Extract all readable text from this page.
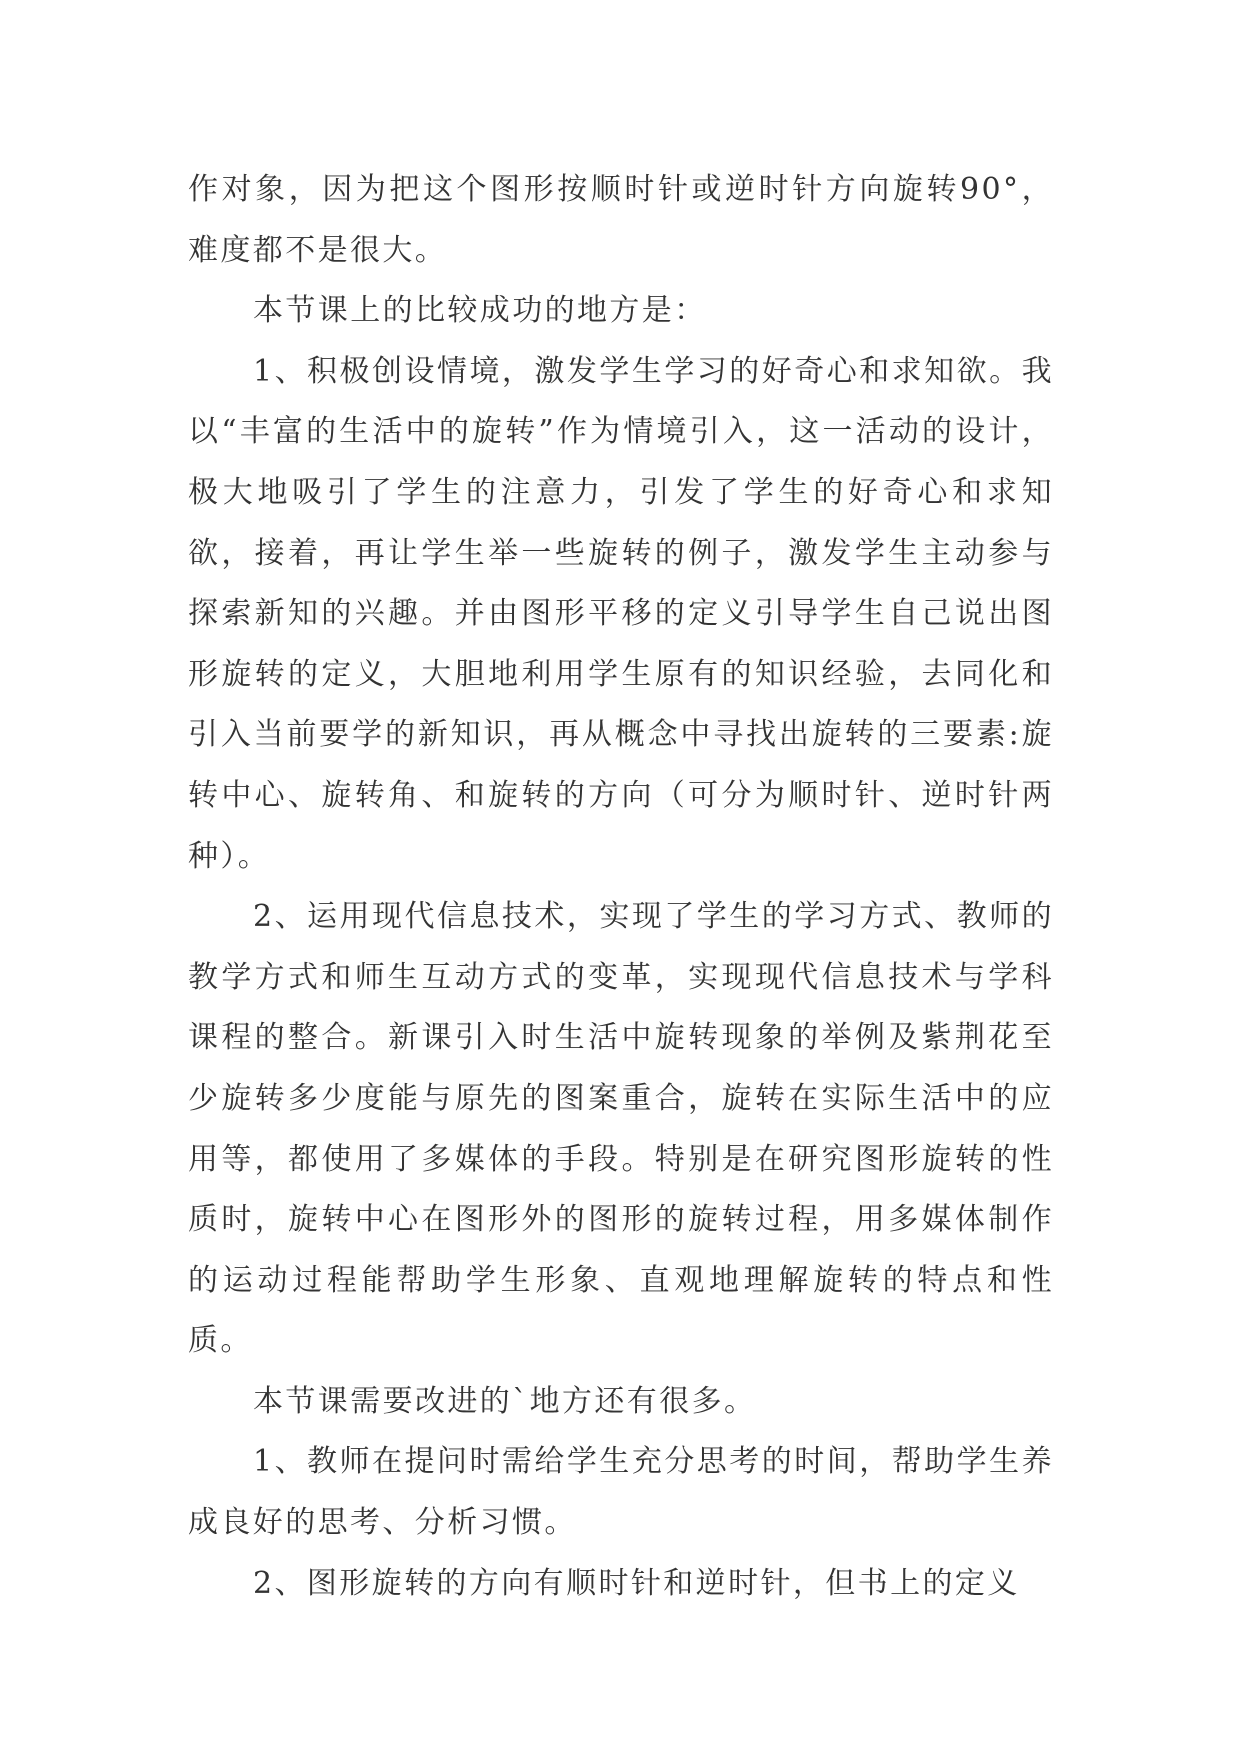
作对象，因为把这个图形按顺时针或逆时针方向旋转90°，难度都不是很大。

本节课上的比较成功的地方是：

1、积极创设情境，激发学生学习的好奇心和求知欲。我以“丰富的生活中的旋转”作为情境引入，这一活动的设计，极大地吸引了学生的注意力，引发了学生的好奇心和求知欲，接着，再让学生举一些旋转的例子，激发学生主动参与探索新知的兴趣。并由图形平移的定义引导学生自己说出图形旋转的定义，大胆地利用学生原有的知识经验，去同化和引入当前要学的新知识，再从概念中寻找出旋转的三要素:旋转中心、旋转角、和旋转的方向（可分为顺时针、逆时针两种）。

2、运用现代信息技术，实现了学生的学习方式、教师的教学方式和师生互动方式的变革，实现现代信息技术与学科课程的整合。新课引入时生活中旋转现象的举例及紫荆花至少旋转多少度能与原先的图案重合，旋转在实际生活中的应用等，都使用了多媒体的手段。特别是在研究图形旋转的性质时，旋转中心在图形外的图形的旋转过程，用多媒体制作的运动过程能帮助学生形象、直观地理解旋转的特点和性质。

本节课需要改进的`地方还有很多。

1、教师在提问时需给学生充分思考的时间，帮助学生养成良好的思考、分析习惯。

2、图形旋转的方向有顺时针和逆时针，但书上的定义
